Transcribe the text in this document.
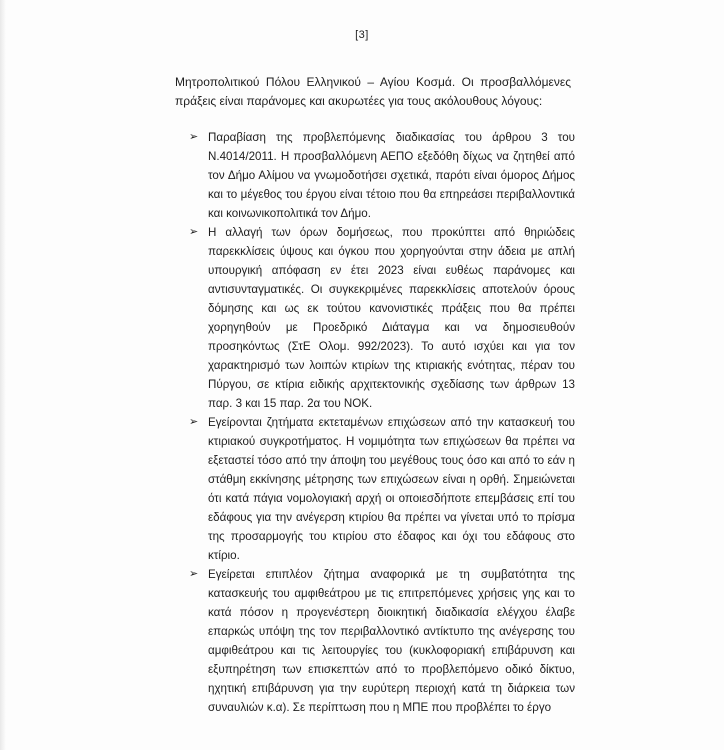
[3]

Μητροπολιτικού Πόλου Ελληνικού – Αγίου Κοσμά. Οι προσβαλλόμενες πράξεις είναι παράνομες και ακυρωτέες για τους ακόλουθους λόγους:

➢ Παραβίαση της προβλεπόμενης διαδικασίας του άρθρου 3 του Ν.4014/2011. Η προσβαλλόμενη ΑΕΠΟ εξεδόθη δίχως να ζητηθεί από τον Δήμο Αλίμου να γνωμοδοτήσει σχετικά, παρότι είναι όμορος Δήμος και το μέγεθος του έργου είναι τέτοιο που θα επηρεάσει περιβαλλοντικά και κοινωνικοπολιτικά τον Δήμο.
➢ Η αλλαγή των όρων δομήσεως, που προκύπτει από θηριώδεις παρεκκλίσεις ύψους και όγκου που χορηγούνται στην άδεια με απλή υπουργική απόφαση εν έτει 2023 είναι ευθέως παράνομες και αντισυνταγματικές. Οι συγκεκριμένες παρεκκλίσεις αποτελούν όρους δόμησης και ως εκ τούτου κανονιστικές πράξεις που θα πρέπει χορηγηθούν με Προεδρικό Διάταγμα και να δημοσιευθούν προσηκόντως (ΣτΕ Ολομ. 992/2023). Το αυτό ισχύει και για τον χαρακτηρισμό των λοιπών κτιρίων της κτιριακής ενότητας, πέραν του Πύργου, σε κτίρια ειδικής αρχιτεκτονικής σχεδίασης των άρθρων 13 παρ. 3 και 15 παρ. 2α του ΝΟΚ.
➢ Εγείρονται ζητήματα εκτεταμένων επιχώσεων από την κατασκευή του κτιριακού συγκροτήματος. Η νομιμότητα των επιχώσεων θα πρέπει να εξεταστεί τόσο από την άποψη του μεγέθους τους όσο και από το εάν η στάθμη εκκίνησης μέτρησης των επιχώσεων είναι η ορθή. Σημειώνεται ότι κατά πάγια νομολογιακή αρχή οι οποιεσδήποτε επεμβάσεις επί του εδάφους για την ανέγερση κτιρίου θα πρέπει να γίνεται υπό το πρίσμα της προσαρμογής του κτιρίου στο έδαφος και όχι του εδάφους στο κτίριο.
➢ Εγείρεται επιπλέον ζήτημα αναφορικά με τη συμβατότητα της κατασκευής του αμφιθεάτρου με τις επιτρεπόμενες χρήσεις γης και το κατά πόσον η προγενέστερη διοικητική διαδικασία ελέγχου έλαβε επαρκώς υπόψη της τον περιβαλλοντικό αντίκτυπο της ανέγερσης του αμφιθεάτρου και τις λειτουργίες του (κυκλοφοριακή επιβάρυνση και εξυπηρέτηση των επισκεπτών από το προβλεπόμενο οδικό δίκτυο, ηχητική επιβάρυνση για την ευρύτερη περιοχή κατά τη διάρκεια των συναυλιών κ.α). Σε περίπτωση που η ΜΠΕ που προβλέπει το έργο
